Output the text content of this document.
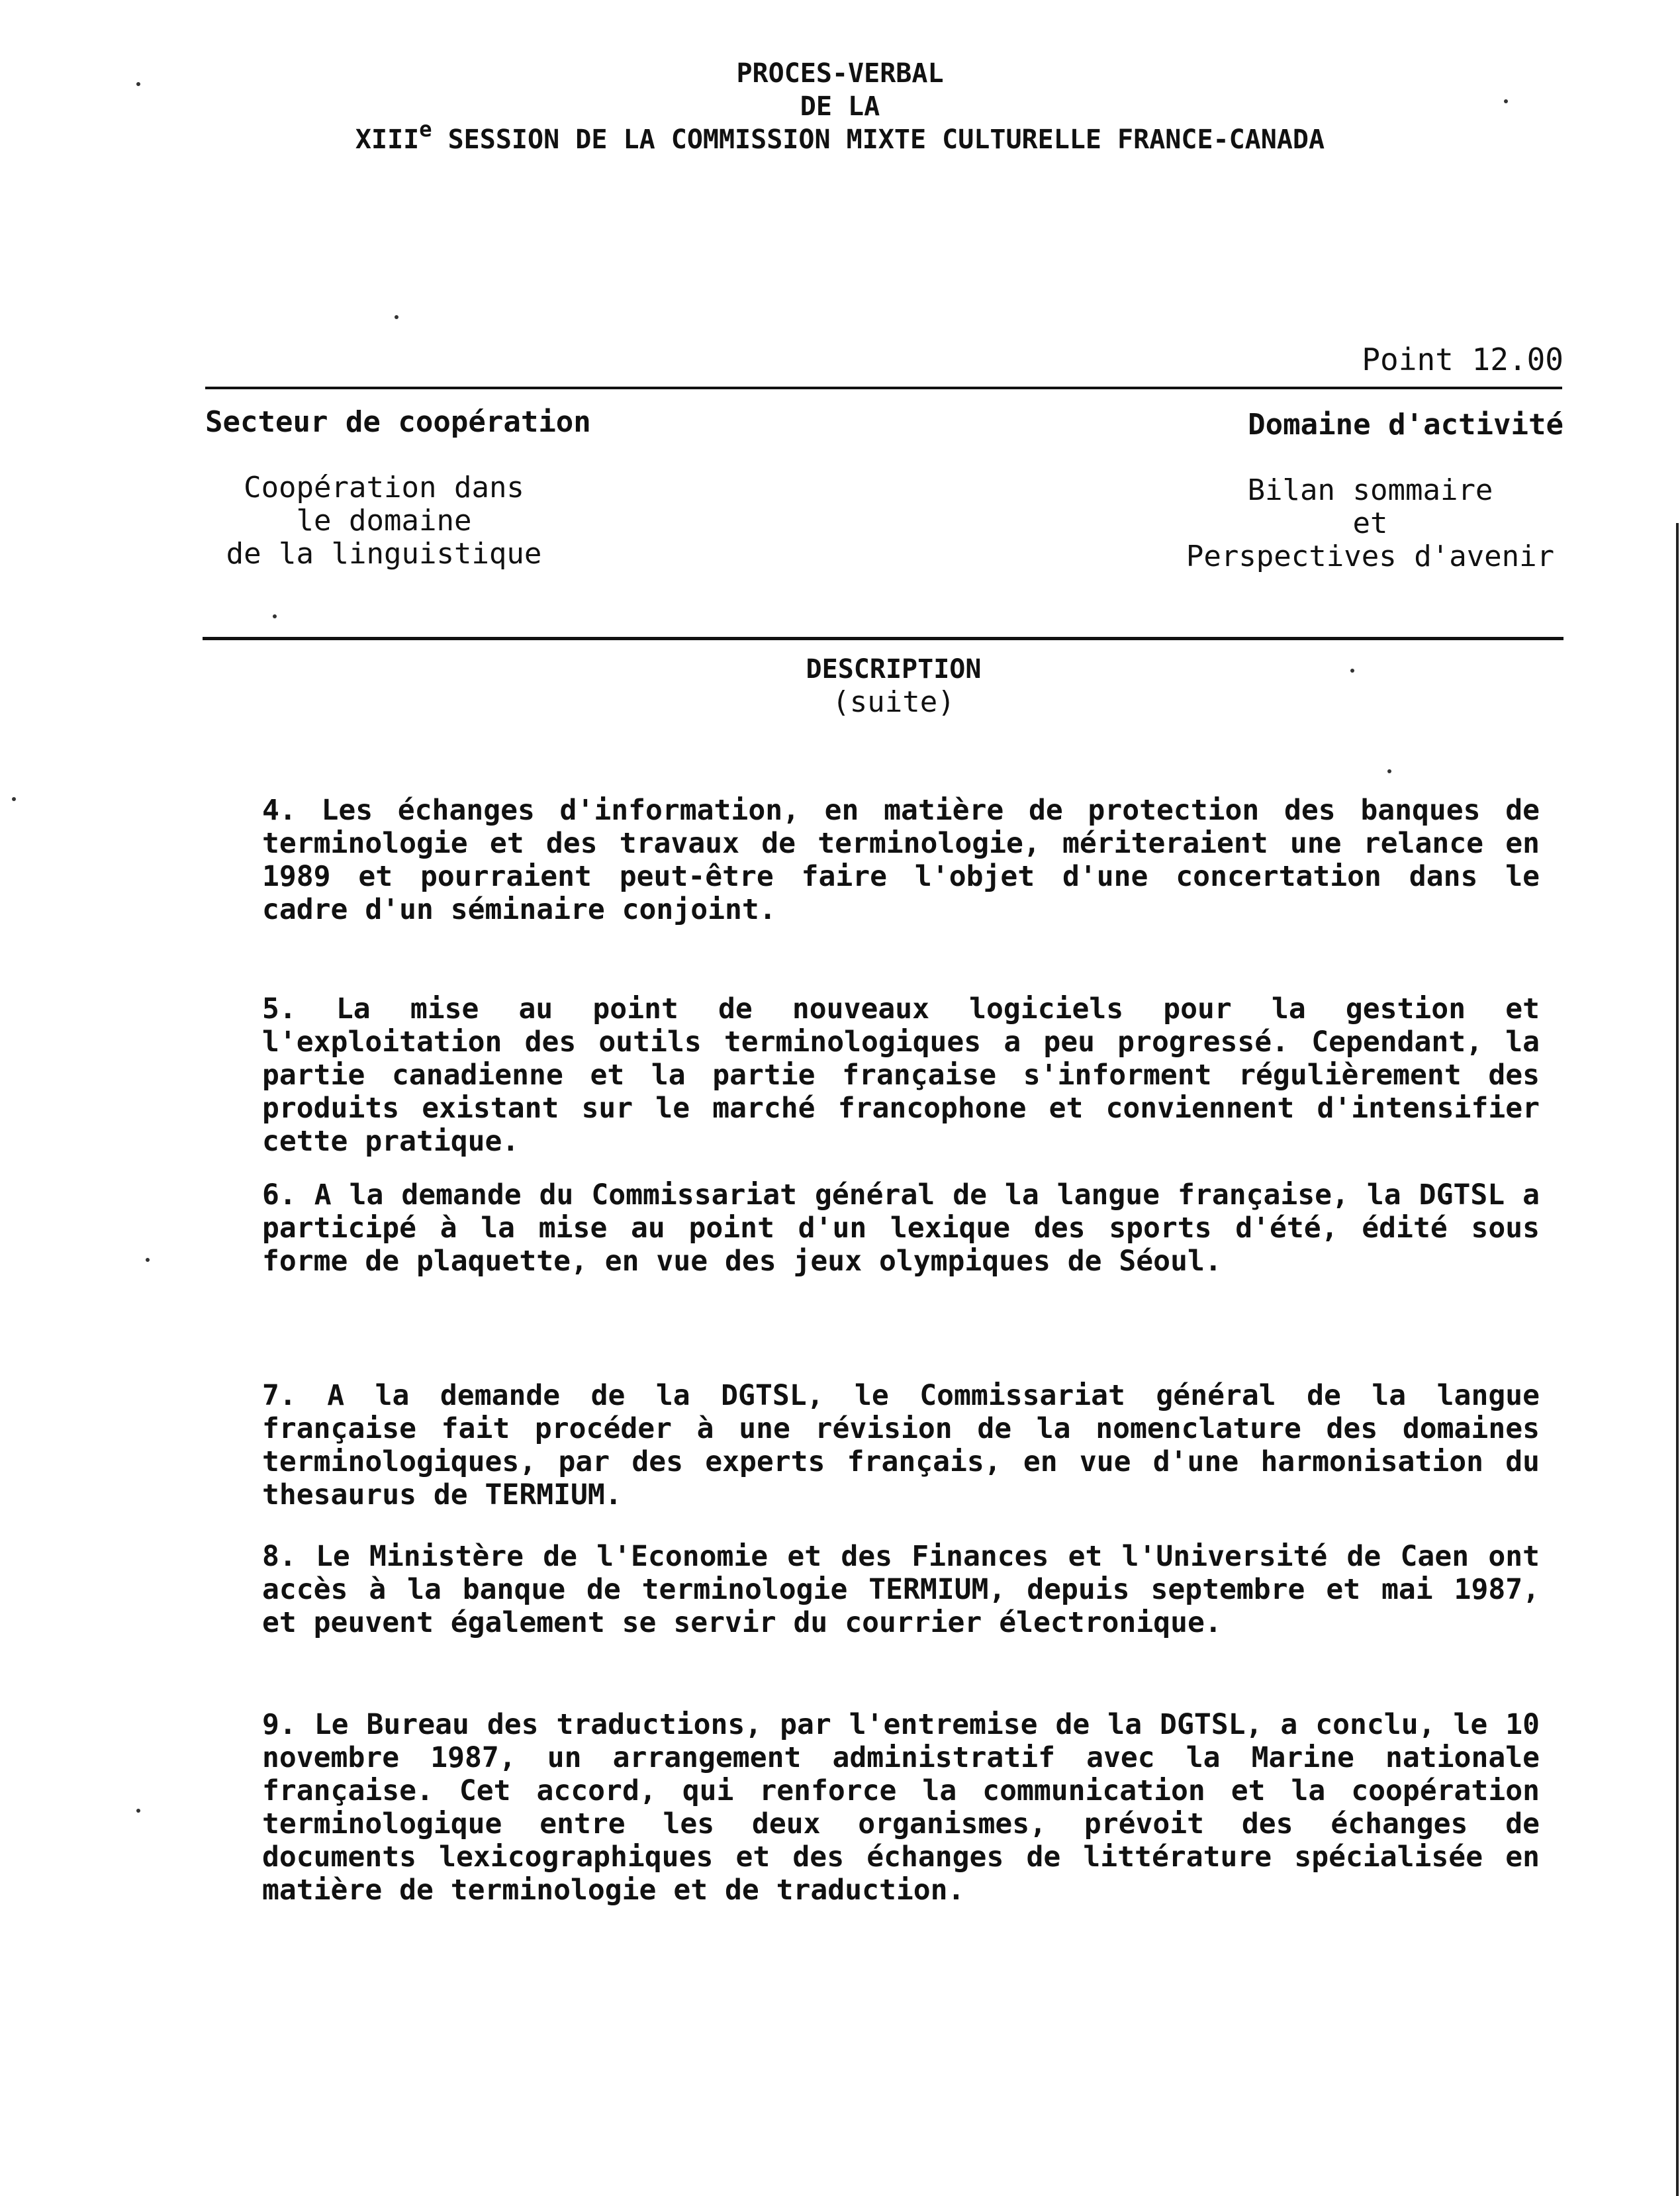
PROCES-VERBAL
DE LA
XIIIe SESSION DE LA COMMISSION MIXTE CULTURELLE FRANCE-CANADA
Point 12.00
Secteur de coopération	Domaine d'activité
Coopération dans
le domaine
de la linguistique
Bilan sommaire
et
Perspectives d'avenir
DESCRIPTION
(suite)

4. Les échanges d'information, en matière de protection des banques de terminologie et des travaux de terminologie, mériteraient une relance en 1989 et pourraient peut-être faire l'objet d'une concertation dans le cadre d'un séminaire conjoint.

5. La mise au point de nouveaux logiciels pour la gestion et l'exploitation des outils terminologiques a peu progressé. Cependant, la partie canadienne et la partie française s'informent régulièrement des produits existant sur le marché francophone et conviennent d'intensifier cette pratique.

6. A la demande du Commissariat général de la langue française, la DGTSL a participé à la mise au point d'un lexique des sports d'été, édité sous forme de plaquette, en vue des jeux olympiques de Séoul.

7. A la demande de la DGTSL, le Commissariat général de la langue française fait procéder à une révision de la nomenclature des domaines terminologiques, par des experts français, en vue d'une harmonisation du thesaurus de TERMIUM.

8. Le Ministère de l'Economie et des Finances et l'Université de Caen ont accès à la banque de terminologie TERMIUM, depuis septembre et mai 1987, et peuvent également se servir du courrier électronique.

9. Le Bureau des traductions, par l'entremise de la DGTSL, a conclu, le 10 novembre 1987, un arrangement administratif avec la Marine nationale française. Cet accord, qui renforce la communication et la coopération terminologique entre les deux organismes, prévoit des échanges de documents lexicographiques et des échanges de littérature spécialisée en matière de terminologie et de traduction.
